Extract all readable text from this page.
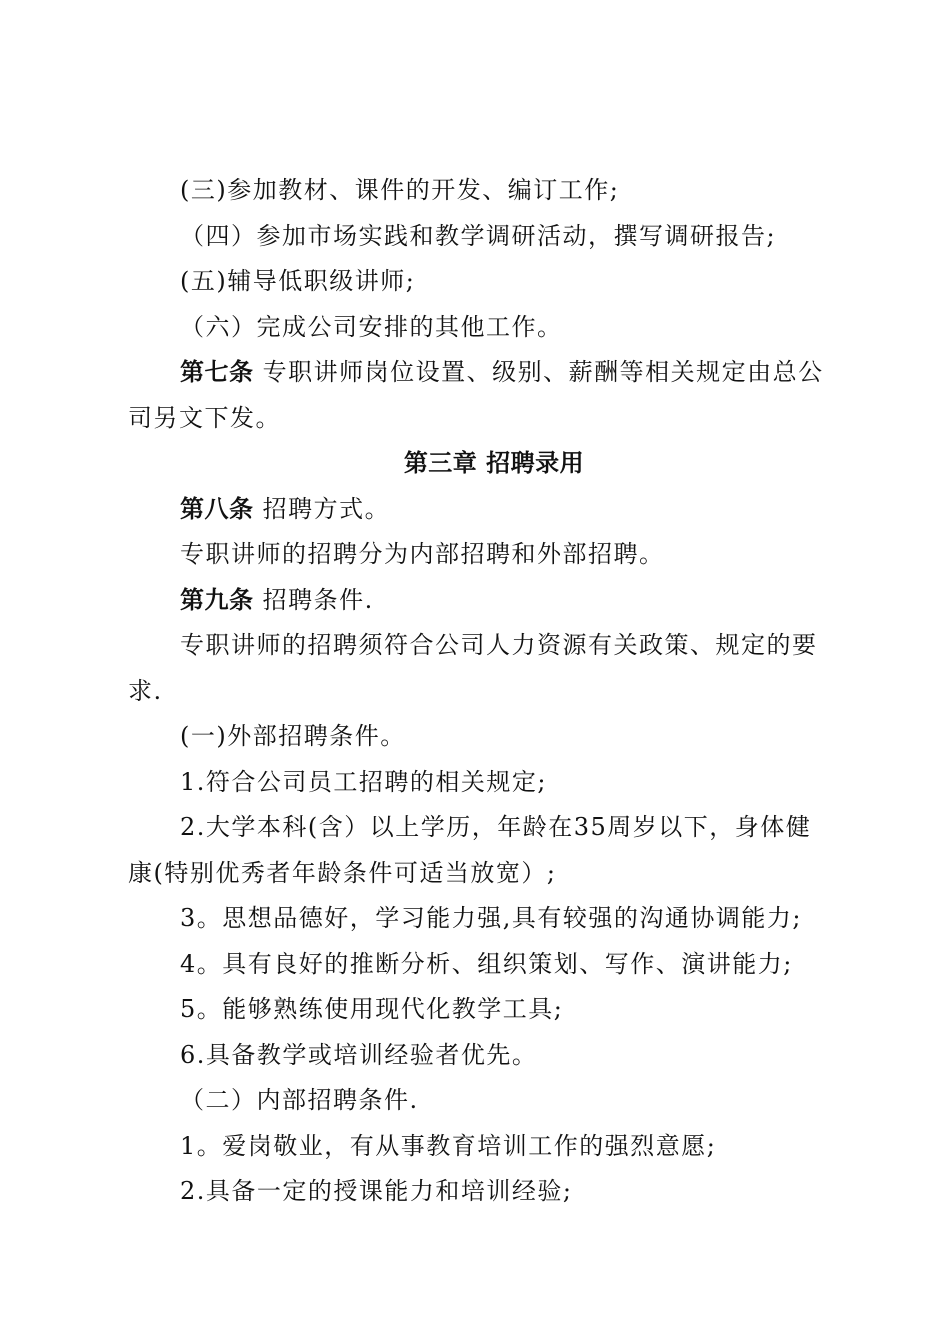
(三)参加教材、课件的开发、编订工作;
（四）参加市场实践和教学调研活动，撰写调研报告;
(五)辅导低职级讲师;
（六）完成公司安排的其他工作。
第七条 专职讲师岗位设置、级别、薪酬等相关规定由总公
司另文下发。
第三章 招聘录用
第八条 招聘方式。
专职讲师的招聘分为内部招聘和外部招聘。
第九条 招聘条件.
专职讲师的招聘须符合公司人力资源有关政策、规定的要
求.
(一)外部招聘条件。
1.符合公司员工招聘的相关规定;
2.大学本科(含）以上学历，年龄在35周岁以下，身体健
康(特别优秀者年龄条件可适当放宽）;
3。思想品德好，学习能力强,具有较强的沟通协调能力;
4。具有良好的推断分析、组织策划、写作、演讲能力;
5。能够熟练使用现代化教学工具;
6.具备教学或培训经验者优先。
（二）内部招聘条件.
1。爱岗敬业，有从事教育培训工作的强烈意愿;
2.具备一定的授课能力和培训经验;
